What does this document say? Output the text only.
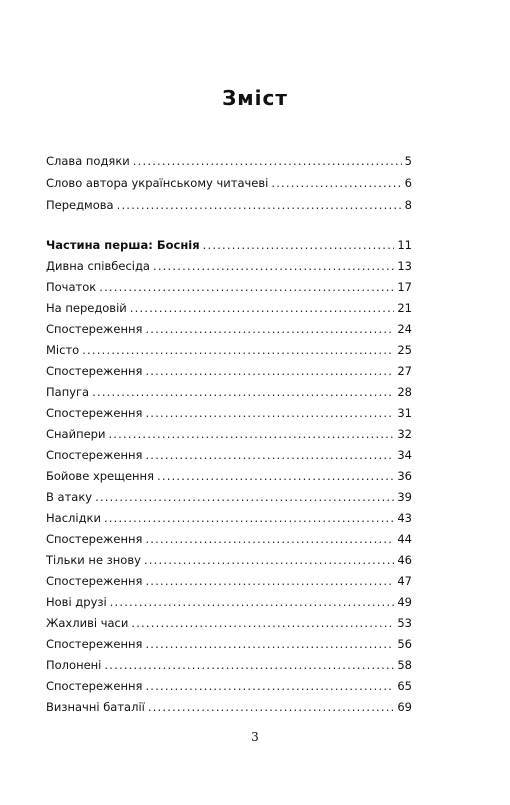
Зміст
Слава подяки .....	5
Слово автора українському читачеві .....	6
Передмова .....	8
Частина перша: Боснія .....	11
Дивна співбесіда .....	13
Початок .....	17
На передовій .....	21
Спостереження .....	24
Місто .....	25
Спостереження .....	27
Папуга .....	28
Спостереження .....	31
Снайпери .....	32
Спостереження .....	34
Бойове хрещення .....	36
В атаку .....	39
Наслідки .....	43
Спостереження .....	44
Тільки не знову .....	46
Спостереження .....	47
Нові друзі .....	49
Жахливі часи .....	53
Спостереження .....	56
Полонені .....	58
Спостереження .....	65
Визначні баталії .....	69
3
